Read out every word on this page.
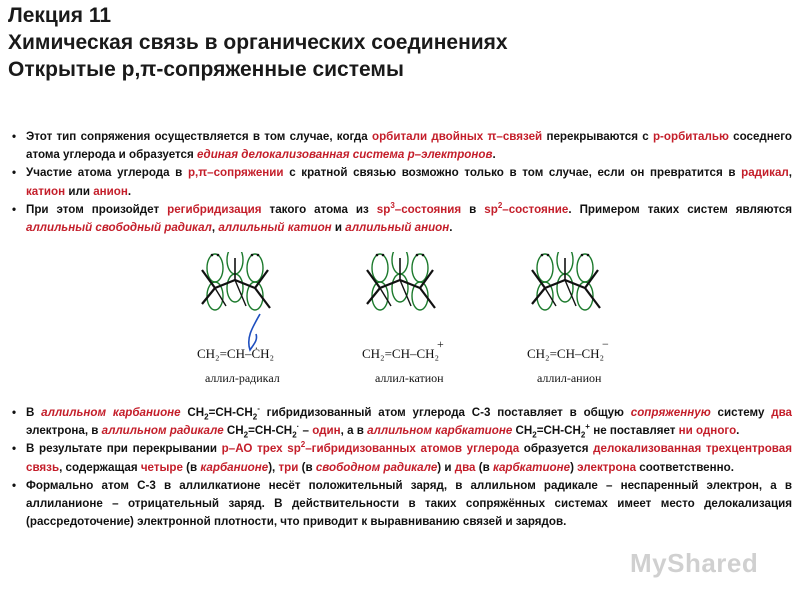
Лекция 11
Химическая связь в органических соединениях
Открытые р,π-сопряженные системы
• Этот тип сопряжения осуществляется в том случае, когда орбитали двойных π–связей перекрываются с р-орбиталью соседнего атома углерода и образуется единая делокализованная система р–электронов.
• Участие атома углерода в р,π–сопряжении с кратной связью возможно только в том случае, если он превратится в радикал, катион или анион.
• При этом произойдет регибридизация такого атома из $sp^3$–состояния в $sp^2$–состояние. Примером таких систем являются аллильный свободный радикал, аллильный катион и аллильный анион.
CH₂=CH–ĊH₂	CH₂=CH–CH₂
+
CH₂=CH–CH₂
−
аллил-радикал	аллил-катион	аллил-анион
• В аллильном карбанионе $CH_2=CH-CH_2^-$ гибридизованный атом углерода С-3 поставляет в общую сопряженную систему два электрона, в аллильном радикале $CH_2=CH-CH_2^\cdot$ – один, а в аллильном карбкатионе $CH_2=CH-CH_2^+$ не поставляет ни одного.
• В результате при перекрывании р–АО трех $sp^2$–гибридизованных атомов углерода образуется делокализованная трехцентровая связь, содержащая четыре (в карбанионе), три (в свободном радикале) и два (в карбкатионе) электрона соответственно.
• Формально атом С-3 в аллилкатионе несёт положительный заряд, в аллильном радикале – неспаренный электрон, а в аллиланионе – отрицательный заряд. В действительности в таких сопряжённых системах имеет место делокализация (рассредоточение) электронной плотности, что приводит к выравниванию связей и зарядов.
MyShared
